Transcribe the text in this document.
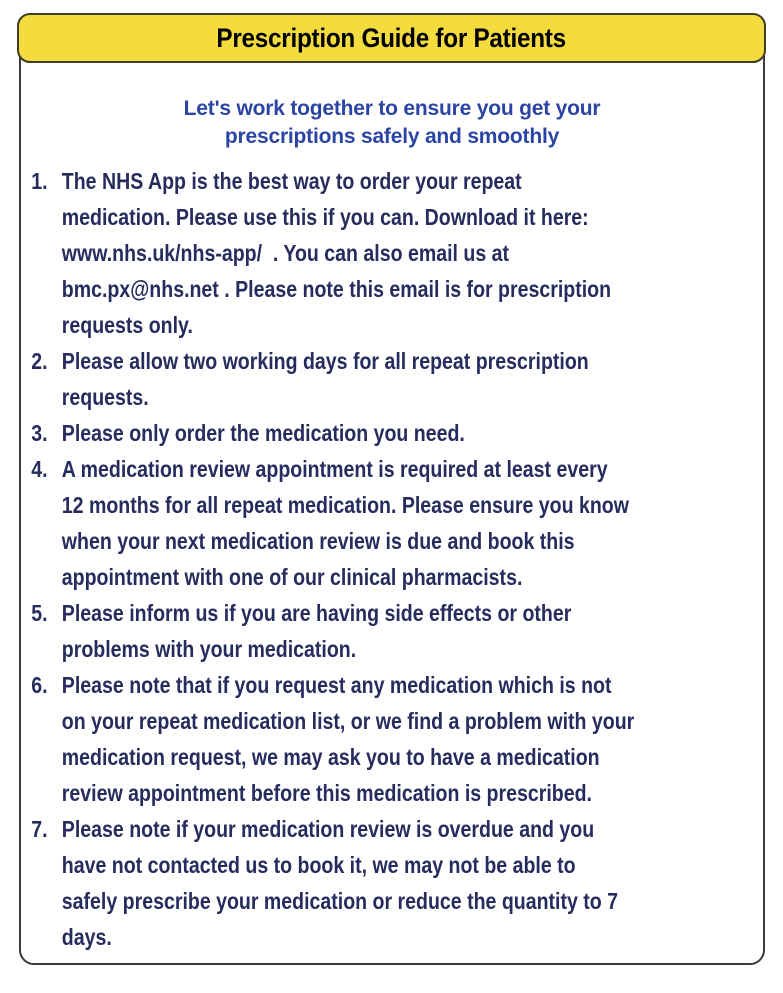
Prescription Guide for Patients
Let's work together to ensure you get your
prescriptions safely and smoothly
1. The NHS App is the best way to order your repeat
medication. Please use this if you can. Download it here:
www.nhs.uk/nhs-app/  . You can also email us at
bmc.px@nhs.net . Please note this email is for prescription
requests only.
2. Please allow two working days for all repeat prescription
requests.
3. Please only order the medication you need.
4. A medication review appointment is required at least every
12 months for all repeat medication. Please ensure you know
when your next medication review is due and book this
appointment with one of our clinical pharmacists.
5. Please inform us if you are having side effects or other
problems with your medication.
6. Please note that if you request any medication which is not
on your repeat medication list, or we find a problem with your
medication request, we may ask you to have a medication
review appointment before this medication is prescribed.
7. Please note if your medication review is overdue and you
have not contacted us to book it, we may not be able to
safely prescribe your medication or reduce the quantity to 7
days.
